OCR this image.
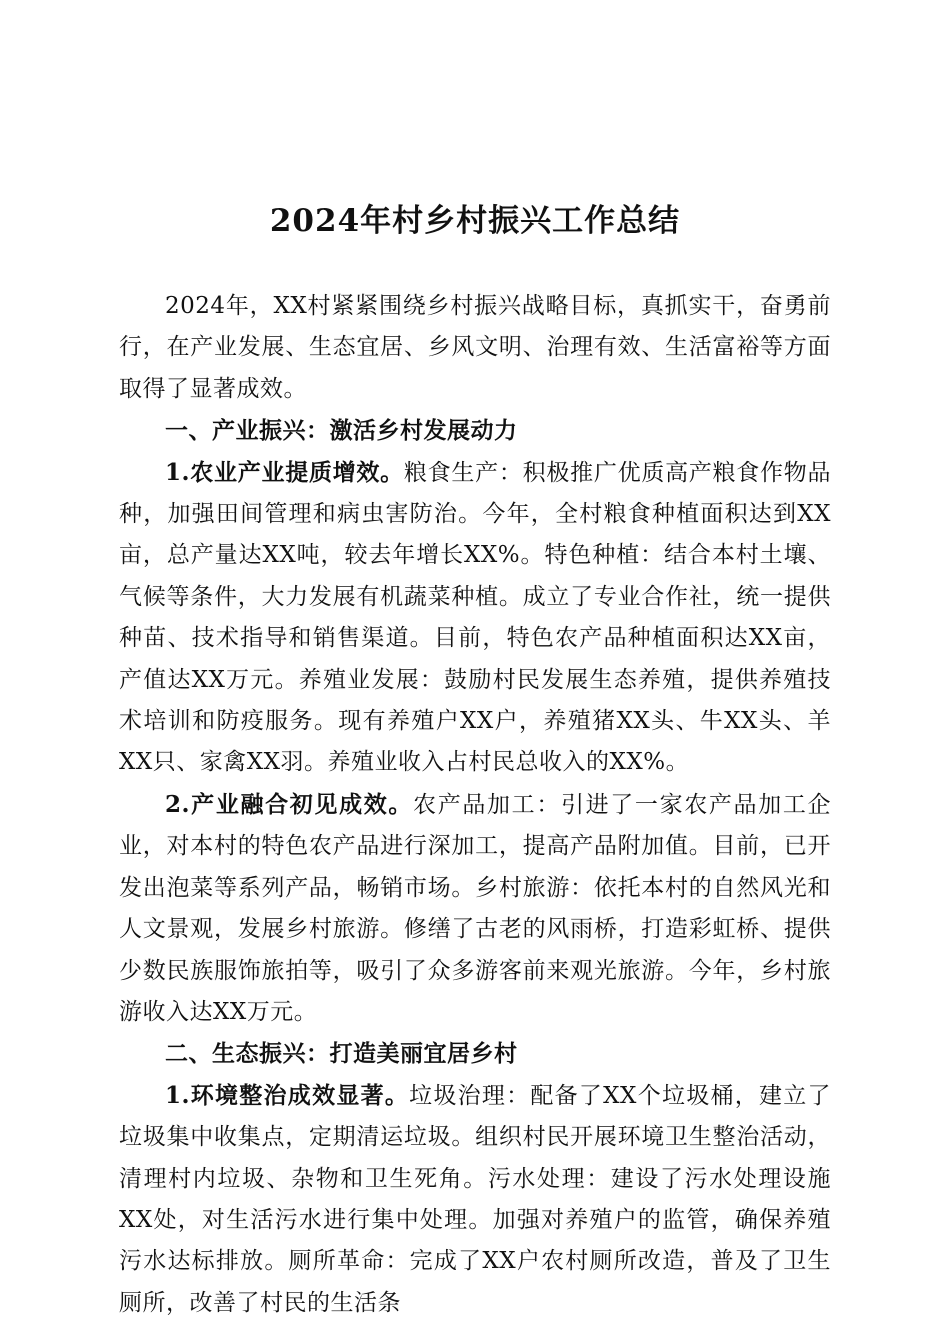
2024年村乡村振兴工作总结

2024年，XX村紧紧围绕乡村振兴战略目标，真抓实干，奋勇前行，在产业发展、生态宜居、乡风文明、治理有效、生活富裕等方面取得了显著成效。

一、产业振兴：激活乡村发展动力

1.农业产业提质增效。粮食生产：积极推广优质高产粮食作物品种，加强田间管理和病虫害防治。今年，全村粮食种植面积达到XX亩，总产量达XX吨，较去年增长XX%。特色种植：结合本村土壤、气候等条件，大力发展有机蔬菜种植。成立了专业合作社，统一提供种苗、技术指导和销售渠道。目前，特色农产品种植面积达XX亩，产值达XX万元。养殖业发展：鼓励村民发展生态养殖，提供养殖技术培训和防疫服务。现有养殖户XX户，养殖猪XX头、牛XX头、羊XX只、家禽XX羽。养殖业收入占村民总收入的XX%。

2.产业融合初见成效。农产品加工：引进了一家农产品加工企业，对本村的特色农产品进行深加工，提高产品附加值。目前，已开发出泡菜等系列产品，畅销市场。乡村旅游：依托本村的自然风光和人文景观，发展乡村旅游。修缮了古老的风雨桥，打造彩虹桥、提供少数民族服饰旅拍等，吸引了众多游客前来观光旅游。今年，乡村旅游收入达XX万元。

二、生态振兴：打造美丽宜居乡村

1.环境整治成效显著。垃圾治理：配备了XX个垃圾桶，建立了垃圾集中收集点，定期清运垃圾。组织村民开展环境卫生整治活动，清理村内垃圾、杂物和卫生死角。污水处理：建设了污水处理设施XX处，对生活污水进行集中处理。加强对养殖户的监管，确保养殖污水达标排放。厕所革命：完成了XX户农村厕所改造，普及了卫生厕所，改善了村民的生活条
